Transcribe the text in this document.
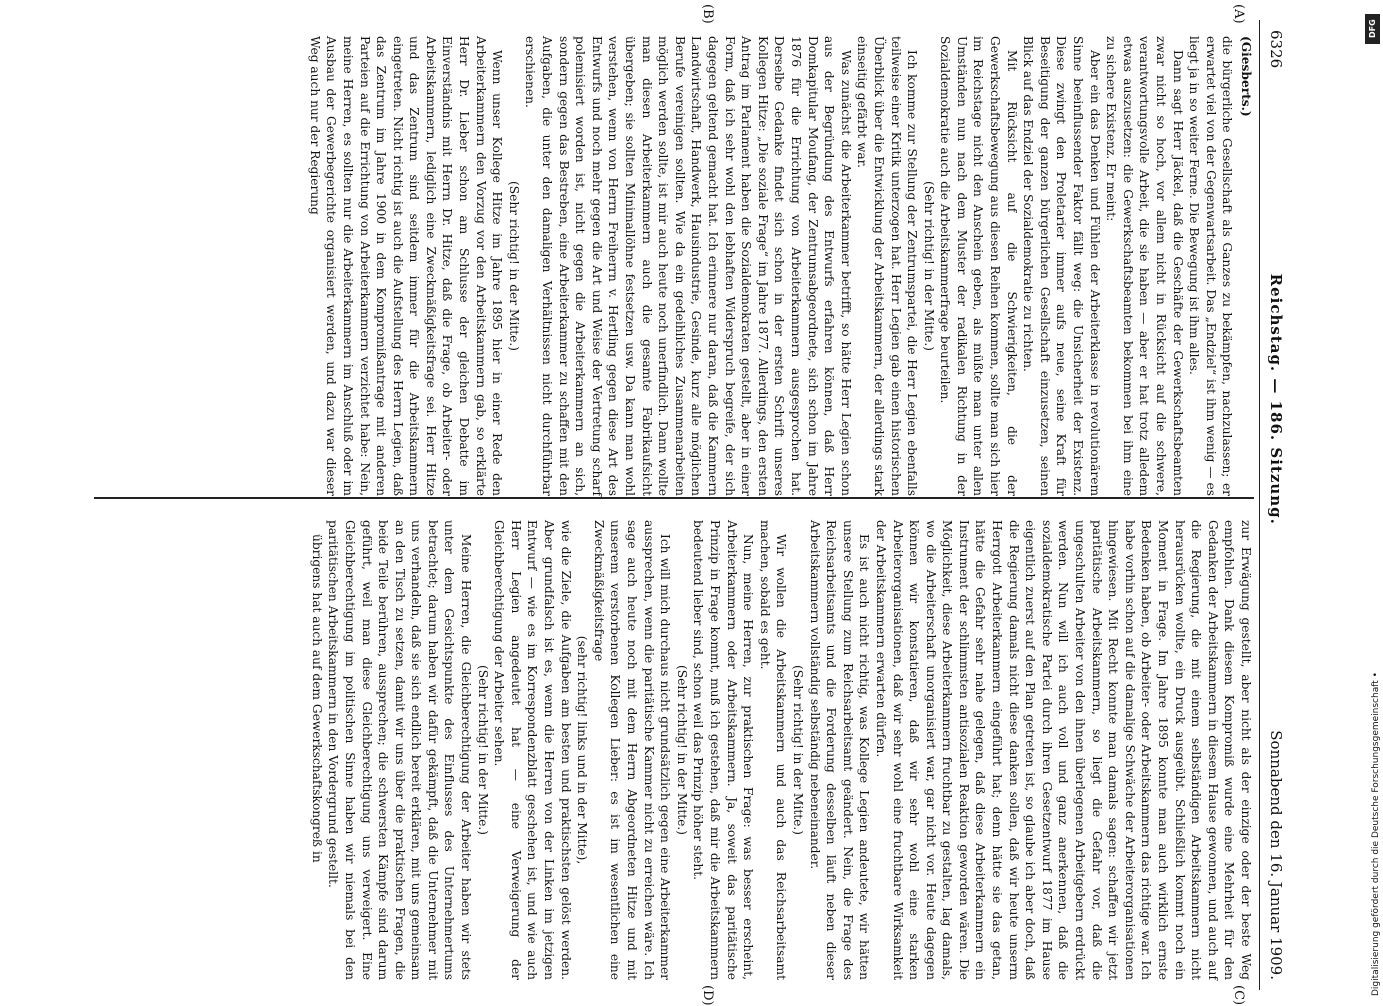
6326
Reichstag. — 186. Sitzung.
Sonnabend den 16. Januar 1909.
(A)
(B)
(C)
(D)
(Giesberts.)

die bürgerliche Gesellschaft als Ganzes zu bekämpfen, nachzulassen; er erwartet viel von der Gegenwartsarbeit. Das „Endziel“ ist ihm wenig — es liegt ja in so weiter Ferne. Die Bewegung ist ihm alles.

Dann sagt Herr Jäckel, daß die Geschäfte der Gewerkschaftsbeamten zwar nicht so hoch, vor allem nicht in Rücksicht auf die schwere, verantwortungsvolle Arbeit, die sie haben — aber er hat trotz alledem etwas auszusetzen: die Gewerkschaftsbeamten bekommen bei ihm eine zu sichere Existenz. Er meint:

Aber ein das Denken und Fühlen der Arbeiterklasse in revolutionärem Sinne beeinflussender Faktor fällt weg: die Unsicherheit der Existenz. Diese zwingt den Proletarier immer aufs neue, seine Kraft für Beseitigung der ganzen bürgerlichen Gesellschaft einzusetzen, seinen Blick auf das Endziel der Sozialdemokratie zu richten.

Mit Rücksicht auf die Schwierigkeiten, die der Gewerkschaftsbewegung aus diesen Reihen kommen, sollte man sich hier im Reichstage nicht den Anschein geben, als müßte man unter allen Umständen nun nach dem Muster der radikalen Richtung in der Sozialdemokratie auch die Arbeitskammerfrage beurteilen.

(Sehr richtig! in der Mitte.)

Ich komme zur Stellung der Zentrumspartei, die Herr Legien ebenfalls teilweise einer Kritik unterzogen hat. Herr Legien gab einen historischen Überblick über die Entwicklung der Arbeitskammern, der allerdings stark einseitig gefärbt war.

Was zunächst die Arbeiterkammer betrifft, so hätte Herr Legien schon aus der Begründung des Entwurfs erfahren können, daß Herr Domkapitular Moufang, der Zentrumsabgeordnete, sich schon im Jahre 1876 für die Errichtung von Arbeiterkammern ausgesprochen hat. Derselbe Gedanke findet sich schon in der ersten Schrift unseres Kollegen Hitze: „Die soziale Frage“ im Jahre 1877. Allerdings, den ersten Antrag im Parlament haben die Sozialdemokraten gestellt, aber in einer Form, daß ich sehr wohl den lebhaften Widerspruch begreife, der sich dagegen geltend gemacht hat. Ich erinnere nur daran, daß die Kammern Landwirtschaft, Handwerk, Hausindustrie, Gesinde, kurz alle möglichen Berufe vereinigen sollten. Wie da ein gedeihliches Zusammenarbeiten möglich werden sollte, ist mir auch heute noch unerfindlich. Dann wollte man diesen Arbeiterkammern auch die gesamte Fabrikaufsicht übergeben; sie sollten Minimallöhne festsetzen usw. Da kann man wohl verstehen, wenn von Herrn Freiherrn v. Hertling gegen diese Art des Entwurfs und noch mehr gegen die Art und Weise der Vertretung scharf polemisiert worden ist, nicht gegen die Arbeiterkammern an sich, sondern gegen das Bestreben, eine Arbeiterkammer zu schaffen mit den Aufgaben, die unter den damaligen Verhältnissen nicht durchführbar erschienen.

(Sehr richtig! in der Mitte.)

Wenn unser Kollege Hitze im Jahre 1895 hier in einer Rede den Arbeiterkammern den Vorzug vor den Arbeitskammern gab, so erklärte Herr Dr. Lieber schon am Schlusse der gleichen Debatte im Einverständnis mit Herrn Dr. Hitze, daß die Frage, ob Arbeiter- oder Arbeitskammern, lediglich eine Zweckmäßigkeitsfrage sei. Herr Hitze und das Zentrum sind seitdem immer für die Arbeitskammern eingetreten. Nicht richtig ist auch die Aufstellung des Herrn Legien, daß das Zentrum im Jahre 1900 in dem Kompromißantrage mit anderen Parteien auf die Errichtung von Arbeiterkammern verzichtet habe: Nein, meine Herren, es sollten nur die Arbeiterkammern im Anschluß oder im Ausbau der Gewerbegerichte organisiert werden, und dazu war dieser Weg auch nur der Regierung

zur Erwägung gestellt, aber nicht als der einzige oder der beste Weg empfohlen. Dank diesem Kompromiß wurde eine Mehrheit für den Gedanken der Arbeitskammern in diesem Hause gewonnen, und auch auf die Regierung, die mit einem selbständigen Arbeitskammern nicht herausrücken wollte, ein Druck ausgeübt. Schließlich kommt noch ein Moment in Frage. Im Jahre 1895 konnte man auch wirklich ernste Bedenken haben, ob Arbeiter- oder Arbeitskammern das richtige war. Ich habe vorhin schon auf die damalige Schwäche der Arbeiterorganisationen hingewiesen. Mit Recht konnte man damals sagen: schaffen wir jetzt paritätische Arbeitskammern, so liegt die Gefahr vor, daß die ungeschulten Arbeiter von den ihnen überlegenen Arbeitgebern erdrückt werden. Nun will ich auch voll und ganz anerkennen, daß die sozialdemokratische Partei durch ihren Gesetzentwurf 1877 im Hause eigentlich zuerst auf den Plan getreten ist, so glaube ich aber doch, daß die Regierung damals nicht diese danken sollen, daß wir heute unserm Herrgott Arbeiterkammern eingeführt hat; denn hätte sie das getan, hätte die Gefahr sehr nahe gelegen, daß diese Arbeiterkammern ein Instrument der schlimmsten antisozialen Reaktion geworden wären. Die Möglichkeit, diese Arbeiterkammern fruchtbar zu gestalten, lag damals, wo die Arbeiterschaft unorganisiert war, gar nicht vor. Heute dagegen können wir konstatieren, daß wir sehr wohl eine starken Arbeiterorganisationen, daß wir sehr wohl eine fruchtbare Wirksamkeit der Arbeitskammern erwarten dürfen.

Es ist auch nicht richtig, was Kollege Legien andeutete, wir hätten unsere Stellung zum Reichsarbeitsamt geändert. Nein, die Frage des Reichsarbeitsamts und die Forderung desselben läuft neben dieser Arbeitskammern vollständig selbständig nebeneinander.

(Sehr richtig! in der Mitte.)

Wir wollen die Arbeitskammern und auch das Reichsarbeitsamt machen, sobald es geht.

Nun, meine Herren, zur praktischen Frage: was besser erscheint, Arbeiterkammern oder Arbeitskammern. Ja, soweit das paritätische Prinzip in Frage kommt, muß ich gestehen, daß mir die Arbeitskammern bedeutend lieber sind, schon weil das Prinzip höher steht.

(Sehr richtig! in der Mitte.)

Ich will mich durchaus nicht grundsätzlich gegen eine Arbeiterkammer aussprechen, wenn die paritätische Kammer nicht zu erreichen wäre. Ich sage auch heute noch mit dem Herrn Abgeordneten Hitze und mit unserem verstorbenen Kollegen Lieber: es ist im wesentlichen eine Zweckmäßigkeitsfrage

(sehr richtig! links und in der Mitte),

wie die Ziele, die Aufgaben am besten und praktischsten gelöst werden. Aber grundfalsch ist es, wenn die Herren von der Linken im jetzigen Entwurf — wie es im Korrespondenzblatt geschehen ist, und wie auch Herr Legien angedeutet hat — eine Verweigerung der Gleichberechtigung der Arbeiter sehen.

(Sehr richtig! in der Mitte.)

Meine Herren, die Gleichberechtigung der Arbeiter haben wir stets unter dem Gesichtspunkte des Einflusses des Unternehmertums betrachtet; darum haben wir dafür gekämpft, daß die Unternehmer mit uns verhandeln, daß sie sich endlich bereit erklären, mit uns gemeinsam an den Tisch zu setzen, damit wir uns über die praktischen Fragen, die beide Teile berühren, aussprechen; die schwersten Kämpfe sind darum geführt, weil man diese Gleichberechtigung uns verweigert. Eine Gleichberechtigung im politischen Sinne haben wir niemals bei den paritätischen Arbeitskammern in den Vordergrund gestellt.

übrigens hat auch auf dem Gewerkschaftskongreß in	Digitalisierung gefördert durch die Deutsche Forschungsgemeinschaft •
DFG
